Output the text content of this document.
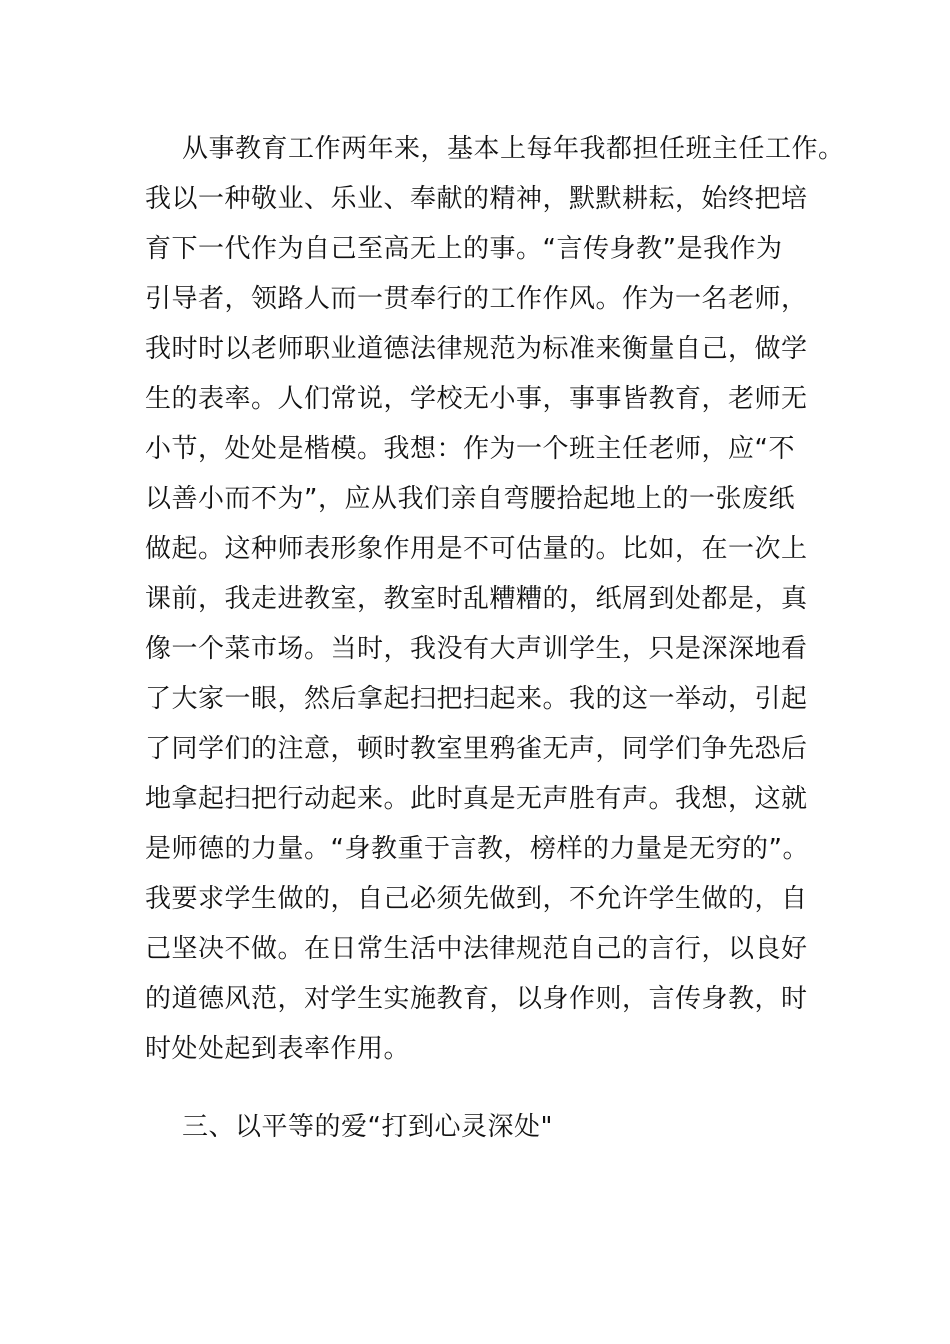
从事教育工作两年来，基本上每年我都担任班主任工作。
我以一种敬业、乐业、奉献的精神，默默耕耘，始终把培
育下一代作为自己至高无上的事。“言传身教”是我作为
引导者，领路人而一贯奉行的工作作风。作为一名老师，
我时时以老师职业道德法律规范为标准来衡量自己，做学
生的表率。人们常说，学校无小事，事事皆教育，老师无
小节，处处是楷模。我想：作为一个班主任老师，应“不
以善小而不为”，应从我们亲自弯腰拾起地上的一张废纸
做起。这种师表形象作用是不可估量的。比如，在一次上
课前，我走进教室，教室时乱糟糟的，纸屑到处都是，真
像一个菜市场。当时，我没有大声训学生，只是深深地看
了大家一眼，然后拿起扫把扫起来。我的这一举动，引起
了同学们的注意，顿时教室里鸦雀无声，同学们争先恐后
地拿起扫把行动起来。此时真是无声胜有声。我想，这就
是师德的力量。“身教重于言教，榜样的力量是无穷的”。
我要求学生做的，自己必须先做到，不允许学生做的，自
己坚决不做。在日常生活中法律规范自己的言行，以良好
的道德风范，对学生实施教育，以身作则，言传身教，时
时处处起到表率作用。
三、以平等的爱“打到心灵深处"
